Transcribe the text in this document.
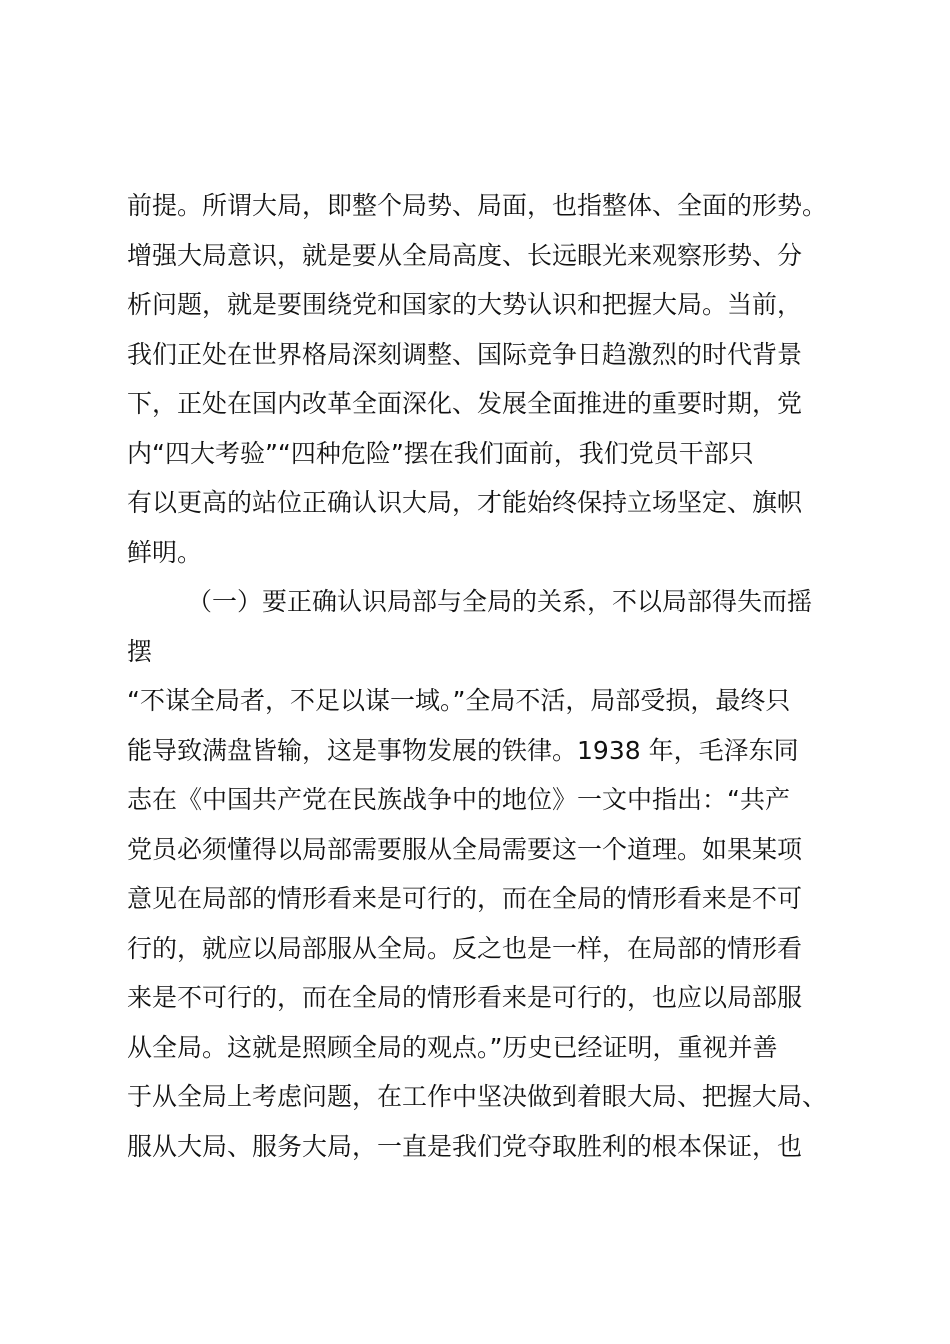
前提。所谓大局，即整个局势、局面，也指整体、全面的形势。
增强大局意识，就是要从全局高度、长远眼光来观察形势、分
析问题，就是要围绕党和国家的大势认识和把握大局。当前，
我们正处在世界格局深刻调整、国际竞争日趋激烈的时代背景
下，正处在国内改革全面深化、发展全面推进的重要时期，党
内“四大考验”“四种危险”摆在我们面前，我们党员干部只
有以更高的站位正确认识大局，才能始终保持立场坚定、旗帜
鲜明。
（一）要正确认识局部与全局的关系，不以局部得失而摇
摆
“不谋全局者，不足以谋一域。”全局不活，局部受损，最终只
能导致满盘皆输，这是事物发展的铁律。1938 年，毛泽东同
志在《中国共产党在民族战争中的地位》一文中指出：“共产
党员必须懂得以局部需要服从全局需要这一个道理。如果某项
意见在局部的情形看来是可行的，而在全局的情形看来是不可
行的，就应以局部服从全局。反之也是一样，在局部的情形看
来是不可行的，而在全局的情形看来是可行的，也应以局部服
从全局。这就是照顾全局的观点。”历史已经证明，重视并善
于从全局上考虑问题，在工作中坚决做到着眼大局、把握大局、
服从大局、服务大局，一直是我们党夺取胜利的根本保证，也
